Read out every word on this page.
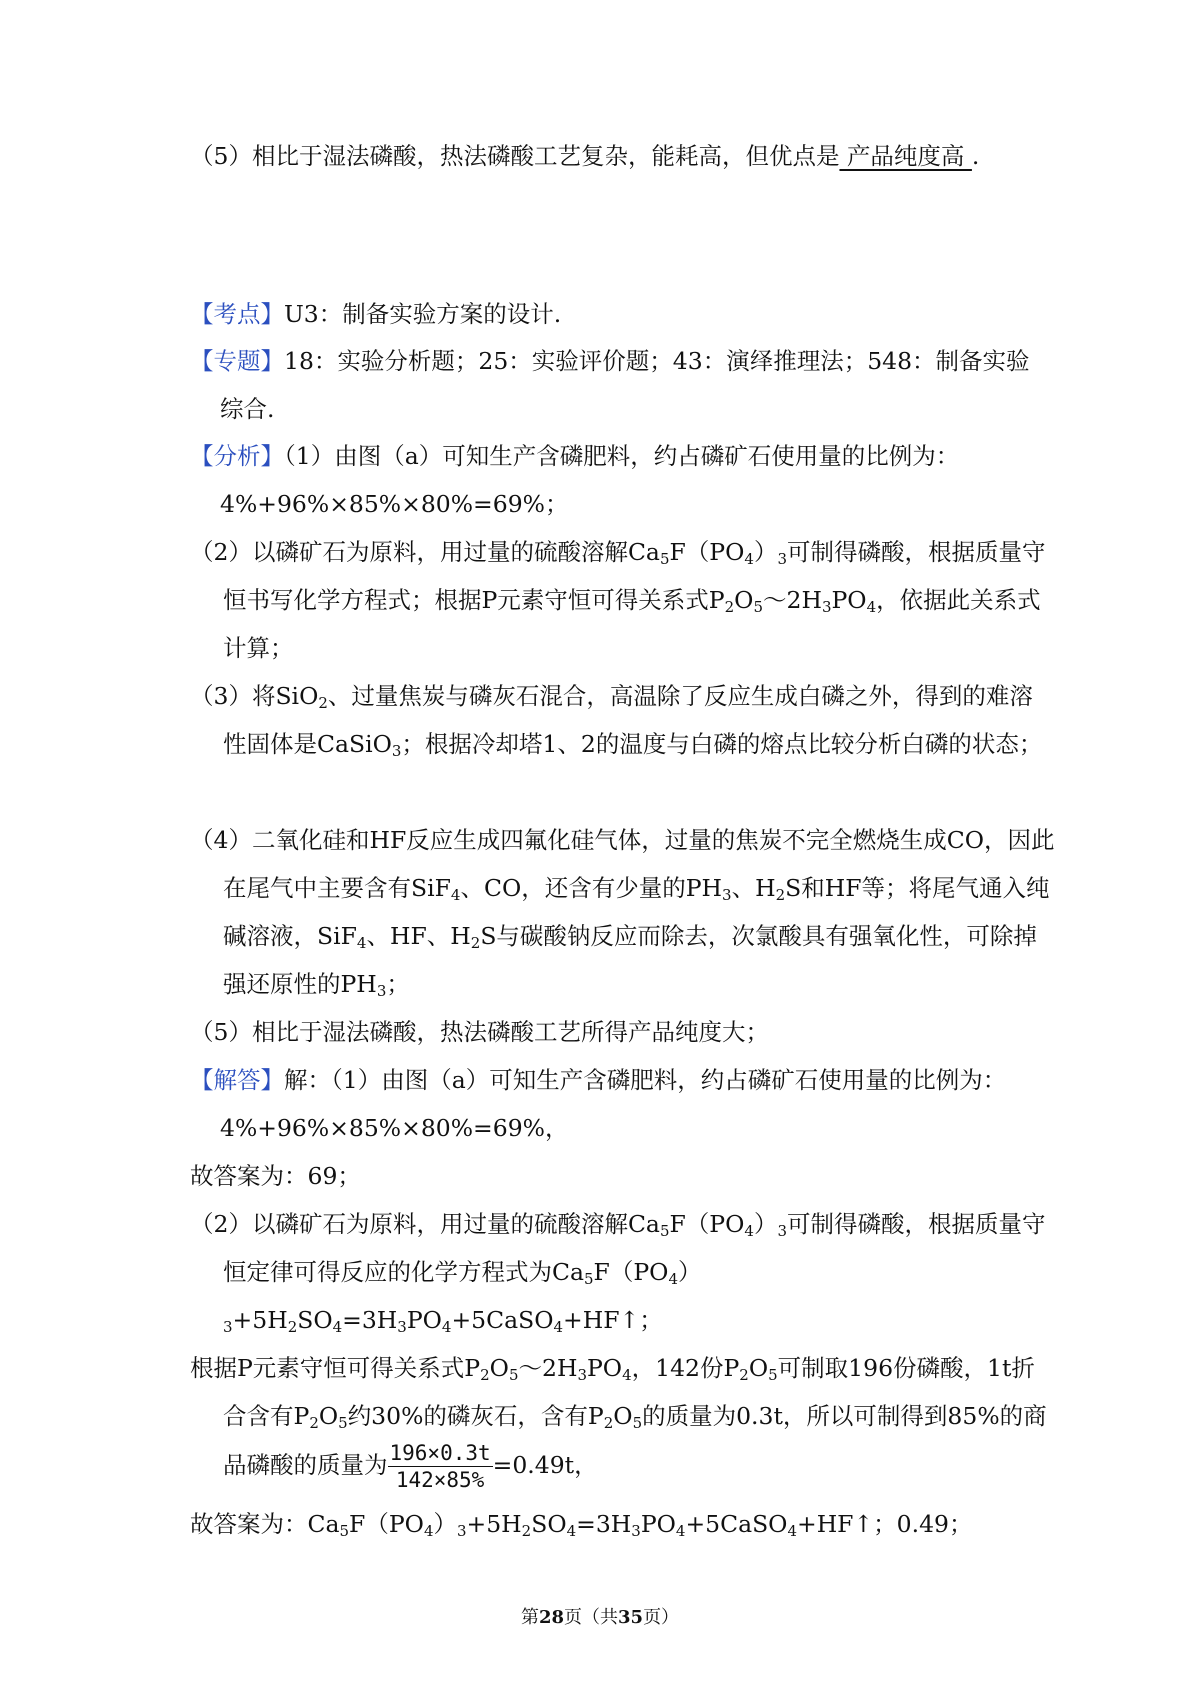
（5）相比于湿法磷酸，热法磷酸工艺复杂，能耗高，但优点是 产品纯度高 .

【考点】U3：制备实验方案的设计.

【专题】18：实验分析题；25：实验评价题；43：演绎推理法；548：制备实验综合.

【分析】（1）由图（a）可知生产含磷肥料，约占磷矿石使用量的比例为：4%+96%×85%×80%=69%；

（2）以磷矿石为原料，用过量的硫酸溶解$Ca_5F(PO_4)_3$可制得磷酸，根据质量守恒书写化学方程式；根据P元素守恒可得关系式$P_2O_5\sim 2H_3PO_4$，依据此关系式计算；

（3）将SiO$_2$、过量焦炭与磷灰石混合，高温除了反应生成白磷之外，得到的难溶性固体是CaSiO$_3$；根据冷却塔1、2的温度与白磷的熔点比较分析白磷的状态；

（4）二氧化硅和HF反应生成四氟化硅气体，过量的焦炭不完全燃烧生成CO，因此在尾气中主要含有SiF$_4$、CO，还含有少量的$PH_3$、$H_2S$和HF等；将尾气通入纯碱溶液，SiF$_4$、HF、$H_2S$与碳酸钠反应而除去，次氯酸具有强氧化性，可除掉强还原性的$PH_3$；

（5）相比于湿法磷酸，热法磷酸工艺所得产品纯度大；

【解答】解：（1）由图（a）可知生产含磷肥料，约占磷矿石使用量的比例为：4%+96%×85%×80%=69%，

故答案为：69；

（2）以磷矿石为原料，用过量的硫酸溶解$Ca_5F(PO_4)_3$可制得磷酸，根据质量守恒定律可得反应的化学方程式为$Ca_5F(PO_4)_3+5H_2SO_4=3H_3PO_4+5CaSO_4+HF↑$；

根据P元素守恒可得关系式$P_2O_5\sim 2H_3PO_4$，142份$P_2O_5$可制取196份磷酸，1t折合含有$P_2O_5$约30%的磷灰石，含有$P_2O_5$的质量为0.3t，所以可制得到85%的商品磷酸的质量为 $\frac{196\times 0.3t}{142\times 85\%} =0.49t$，

故答案为：$Ca_5F(PO_4)_3+5H_2SO_4=3H_3PO_4+5CaSO_4+HF↑$；0.49；

第28页（共35页）
